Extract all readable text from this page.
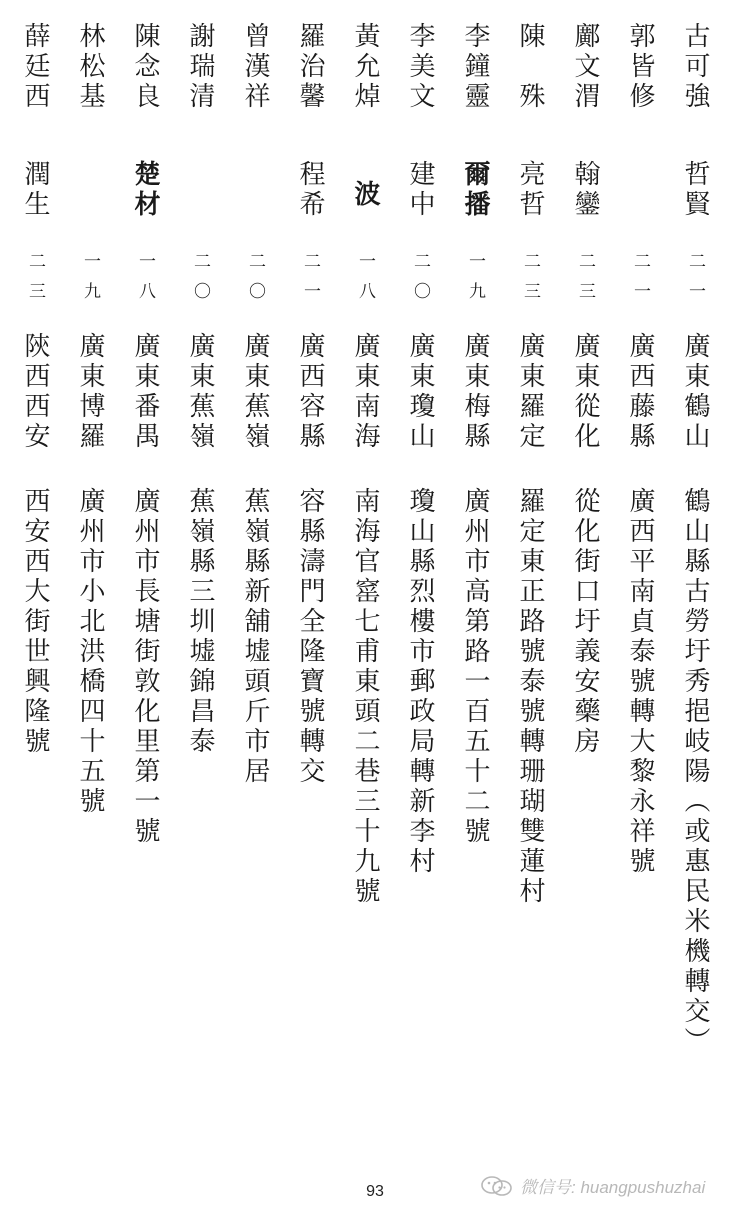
古可強
哲賢
二一
廣東鶴山
鶴山縣古勞圩秀挹岐陽︵或惠民米機轉交︶
郭皆修
二一
廣西藤縣
廣西平南貞泰號轉大黎永祥號
鄺文渭
翰鑾
二三
廣東從化
從化街口圩義安藥房
陳　殊
亮哲
二三
廣東羅定
羅定東正路號泰號轉珊瑚雙蓮村
李鐘靈
爾播
一九
廣東梅縣
廣州市高第路一百五十二號
李美文
建中
二〇
廣東瓊山
瓊山縣烈樓市郵政局轉新李村
黃允焯
波
一八
廣東南海
南海官窰七甫東頭二巷三十九號
羅治馨
程希
二一
廣西容縣
容縣濤門全隆寶號轉交
曾漢祥
二〇
廣東蕉嶺
蕉嶺縣新舖墟頭斤市居
謝瑞清
二〇
廣東蕉嶺
蕉嶺縣三圳墟錦昌泰
陳念良
楚材
一八
廣東番禺
廣州市長塘街敦化里第一號
林松基
一九
廣東博羅
廣州市小北洪橋四十五號
薛廷西
潤生
二三
陝西西安
西安西大街世興隆號
93	微信号: huangpushuzhai
